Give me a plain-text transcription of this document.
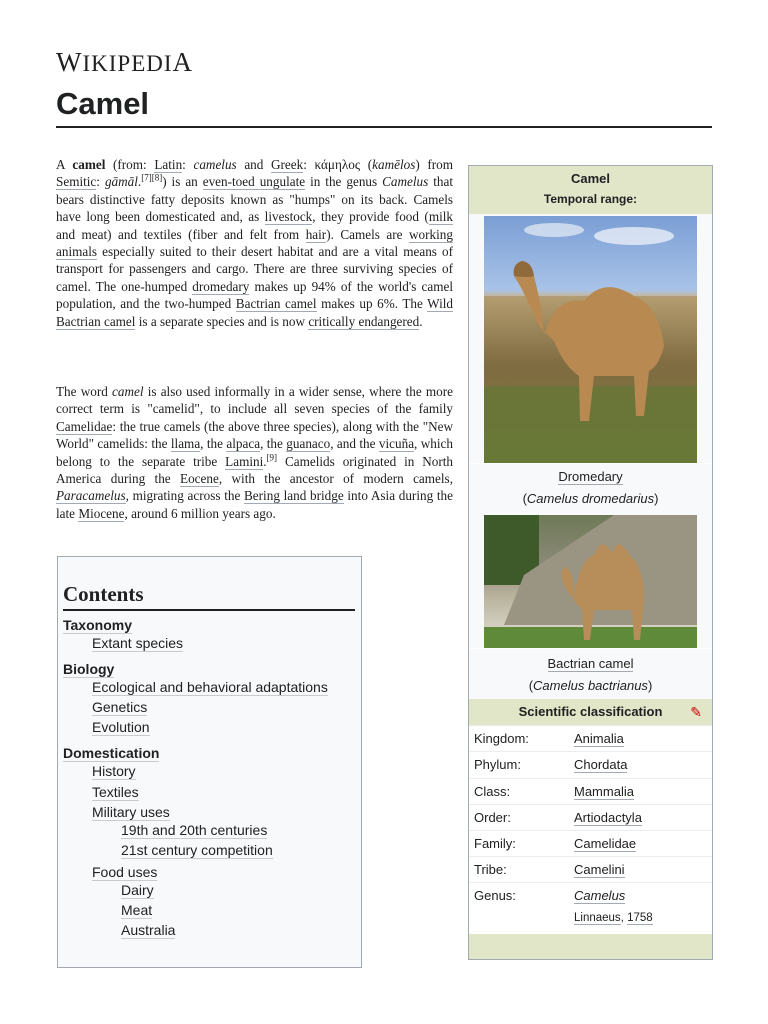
WIKIPEDIA
Camel

A camel (from: Latin: camelus and Greek: κάμηλος (kamēlos) from Semitic: gāmāl.[7][8]) is an even-toed ungulate in the genus Camelus that bears distinctive fatty deposits known as "humps" on its back. Camels have long been domesticated and, as livestock, they provide food (milk and meat) and textiles (fiber and felt from hair). Camels are working animals especially suited to their desert habitat and are a vital means of transport for passengers and cargo. There are three surviving species of camel. The one-humped dromedary makes up 94% of the world's camel population, and the two-humped Bactrian camel makes up 6%. The Wild Bactrian camel is a separate species and is now critically endangered.

The word camel is also used informally in a wider sense, where the more correct term is "camelid", to include all seven species of the family Camelidae: the true camels (the above three species), along with the "New World" camelids: the llama, the alpaca, the guanaco, and the vicuña, which belong to the separate tribe Lamini.[9] Camelids originated in North America during the Eocene, with the ancestor of modern camels, Paracamelus, migrating across the Bering land bridge into Asia during the late Miocene, around 6 million years ago.

Camel
Temporal range:
Dromedary
(Camelus dromedarius)
Bactrian camel
(Camelus bactrianus)
Scientific classification ✎
Kingdom:	Animalia
Phylum:	Chordata
Class:	Mammalia
Order:	Artiodactyla
Family:	Camelidae
Tribe:	Camelini
Genus:	Camelus
Linnaeus, 1758
Contents
Taxonomy
Extant species
Biology
Ecological and behavioral adaptations
Genetics
Evolution
Domestication
History
Textiles
Military uses
19th and 20th centuries
21st century competition
Food uses
Dairy
Meat
Australia
